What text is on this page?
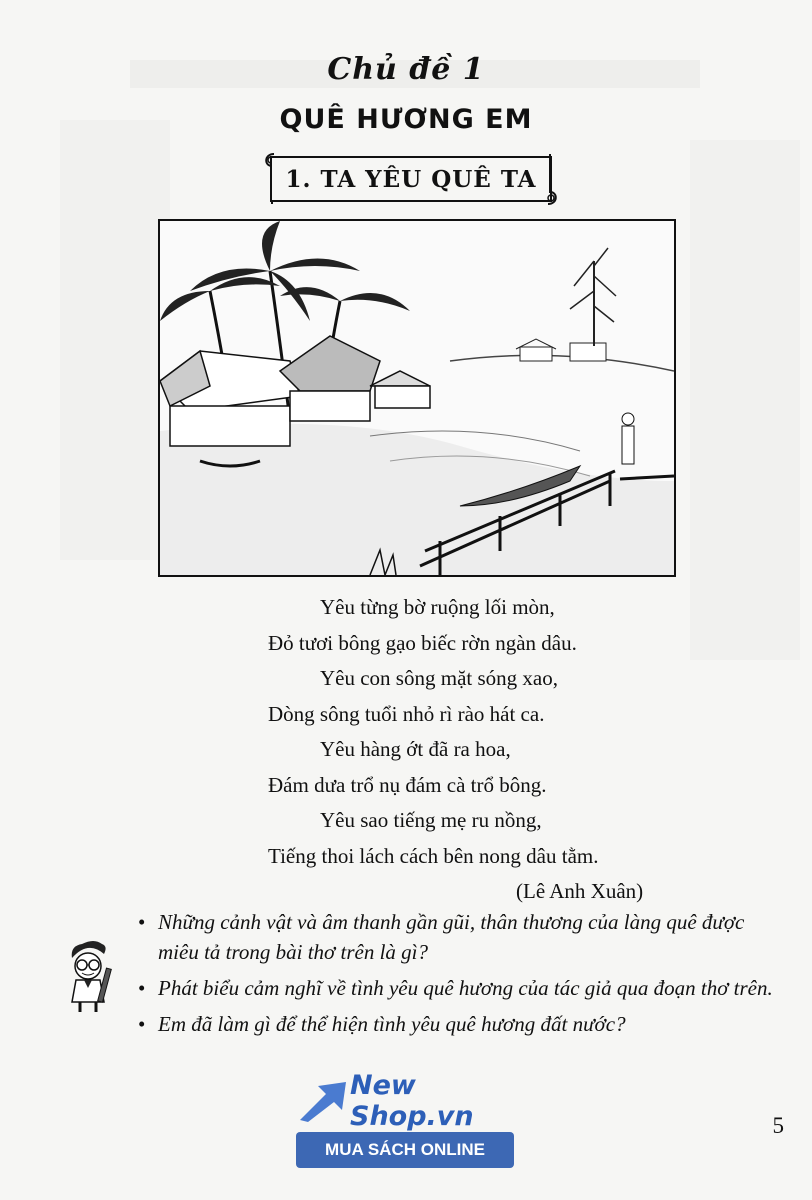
Chủ đề 1
QUÊ HƯƠNG EM
1. TA YÊU QUÊ TA
Yêu từng bờ ruộng lối mòn,
Đỏ tươi bông gạo biếc rờn ngàn dâu.
Yêu con sông mặt sóng xao,
Dòng sông tuổi nhỏ rì rào hát ca.
Yêu hàng ớt đã ra hoa,
Đám dưa trổ nụ đám cà trổ bông.
Yêu sao tiếng mẹ ru nồng,
Tiếng thoi lách cách bên nong dâu tằm.
(Lê Anh Xuân)
• Những cảnh vật và âm thanh gần gũi, thân thương của làng quê được miêu tả trong bài thơ trên là gì?
• Phát biểu cảm nghĩ về tình yêu quê hương của tác giả qua đoạn thơ trên.
• Em đã làm gì để thể hiện tình yêu quê hương đất nước?
New Shop.vn
MUA SÁCH ONLINE
5
